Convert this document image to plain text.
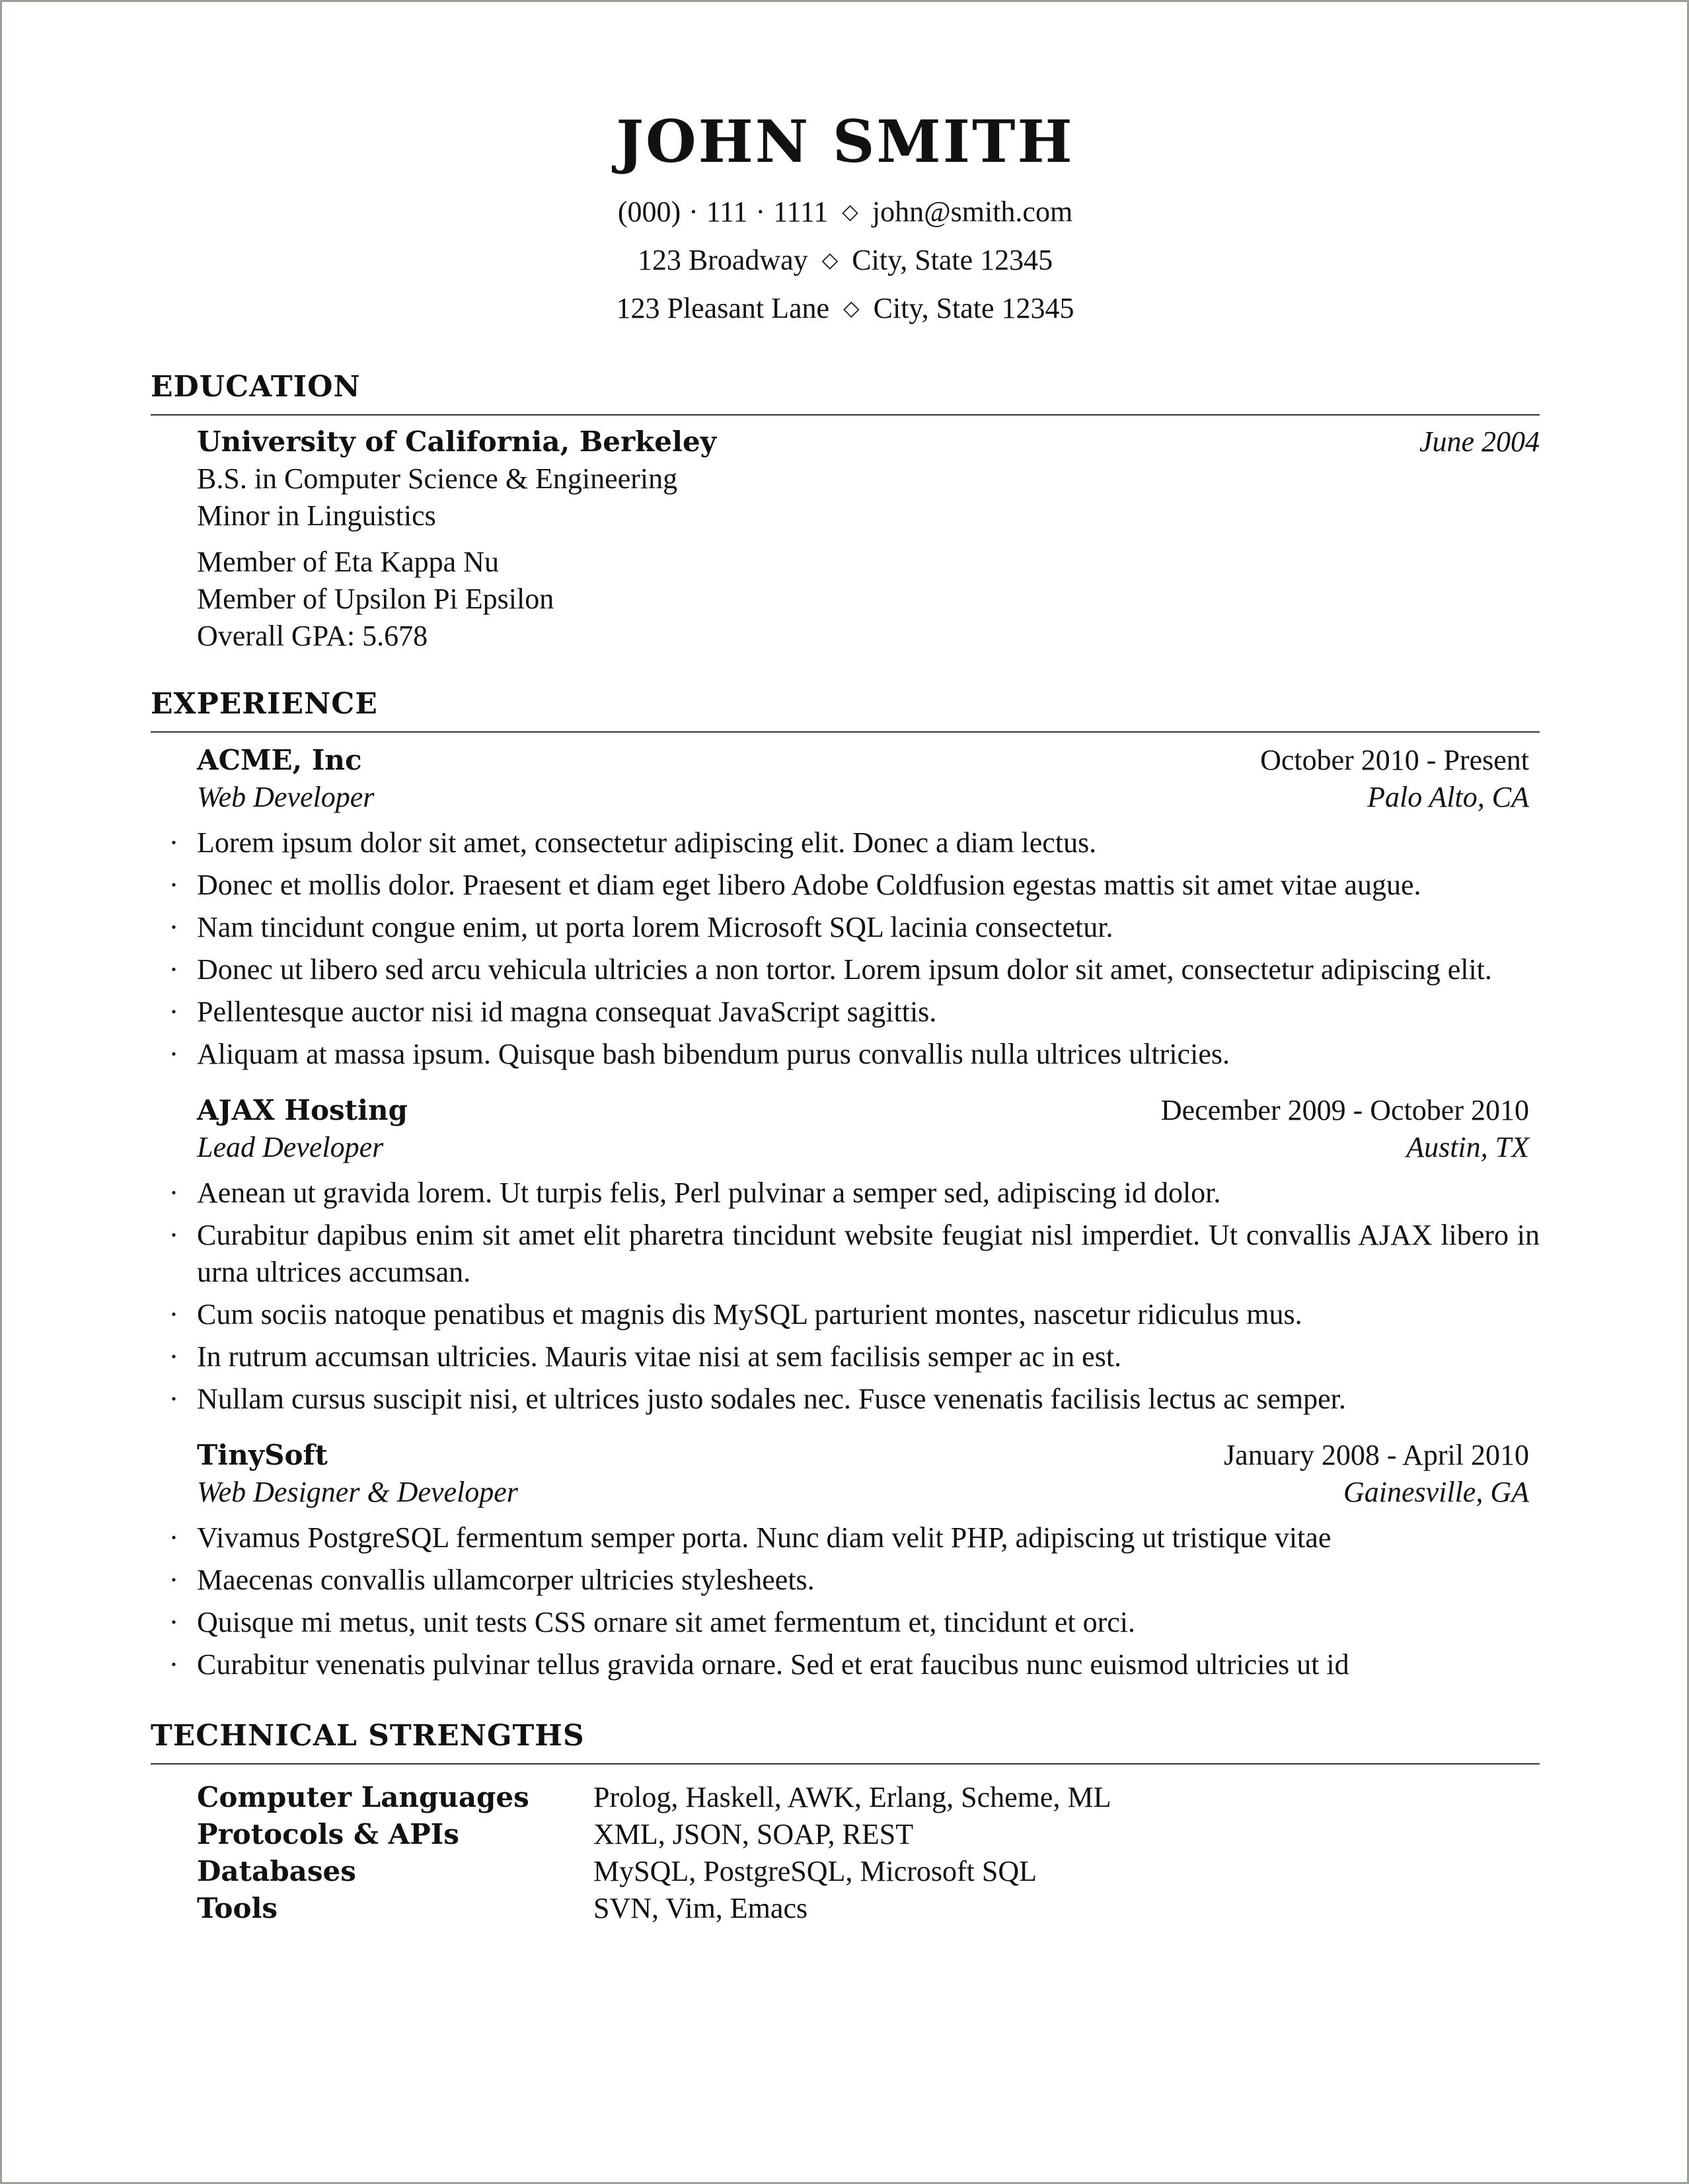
JOHN SMITH
(000) · 111 · 1111 ◇ john@smith.com
123 Broadway ◇ City, State 12345
123 Pleasant Lane ◇ City, State 12345
EDUCATION
University of California, Berkeley	June 2004
B.S. in Computer Science & Engineering
Minor in Linguistics
Member of Eta Kappa Nu
Member of Upsilon Pi Epsilon
Overall GPA: 5.678
EXPERIENCE
ACME, Inc	October 2010 - Present
Web Developer	Palo Alto, CA
· Lorem ipsum dolor sit amet, consectetur adipiscing elit. Donec a diam lectus.
· Donec et mollis dolor. Praesent et diam eget libero Adobe Coldfusion egestas mattis sit amet vitae augue.
· Nam tincidunt congue enim, ut porta lorem Microsoft SQL lacinia consectetur.
· Donec ut libero sed arcu vehicula ultricies a non tortor. Lorem ipsum dolor sit amet, consectetur adipiscing elit.
· Pellentesque auctor nisi id magna consequat JavaScript sagittis.
· Aliquam at massa ipsum. Quisque bash bibendum purus convallis nulla ultrices ultricies.
AJAX Hosting	December 2009 - October 2010
Lead Developer	Austin, TX
· Aenean ut gravida lorem. Ut turpis felis, Perl pulvinar a semper sed, adipiscing id dolor.
· Curabitur dapibus enim sit amet elit pharetra tincidunt website feugiat nisl imperdiet. Ut convallis AJAX libero in urna ultrices accumsan.
· Cum sociis natoque penatibus et magnis dis MySQL parturient montes, nascetur ridiculus mus.
· In rutrum accumsan ultricies. Mauris vitae nisi at sem facilisis semper ac in est.
· Nullam cursus suscipit nisi, et ultrices justo sodales nec. Fusce venenatis facilisis lectus ac semper.
TinySoft	January 2008 - April 2010
Web Designer & Developer	Gainesville, GA
· Vivamus PostgreSQL fermentum semper porta. Nunc diam velit PHP, adipiscing ut tristique vitae
· Maecenas convallis ullamcorper ultricies stylesheets.
· Quisque mi metus, unit tests CSS ornare sit amet fermentum et, tincidunt et orci.
· Curabitur venenatis pulvinar tellus gravida ornare. Sed et erat faucibus nunc euismod ultricies ut id
TECHNICAL STRENGTHS
Computer Languages	Prolog, Haskell, AWK, Erlang, Scheme, ML
Protocols & APIs	XML, JSON, SOAP, REST
Databases	MySQL, PostgreSQL, Microsoft SQL
Tools	SVN, Vim, Emacs
